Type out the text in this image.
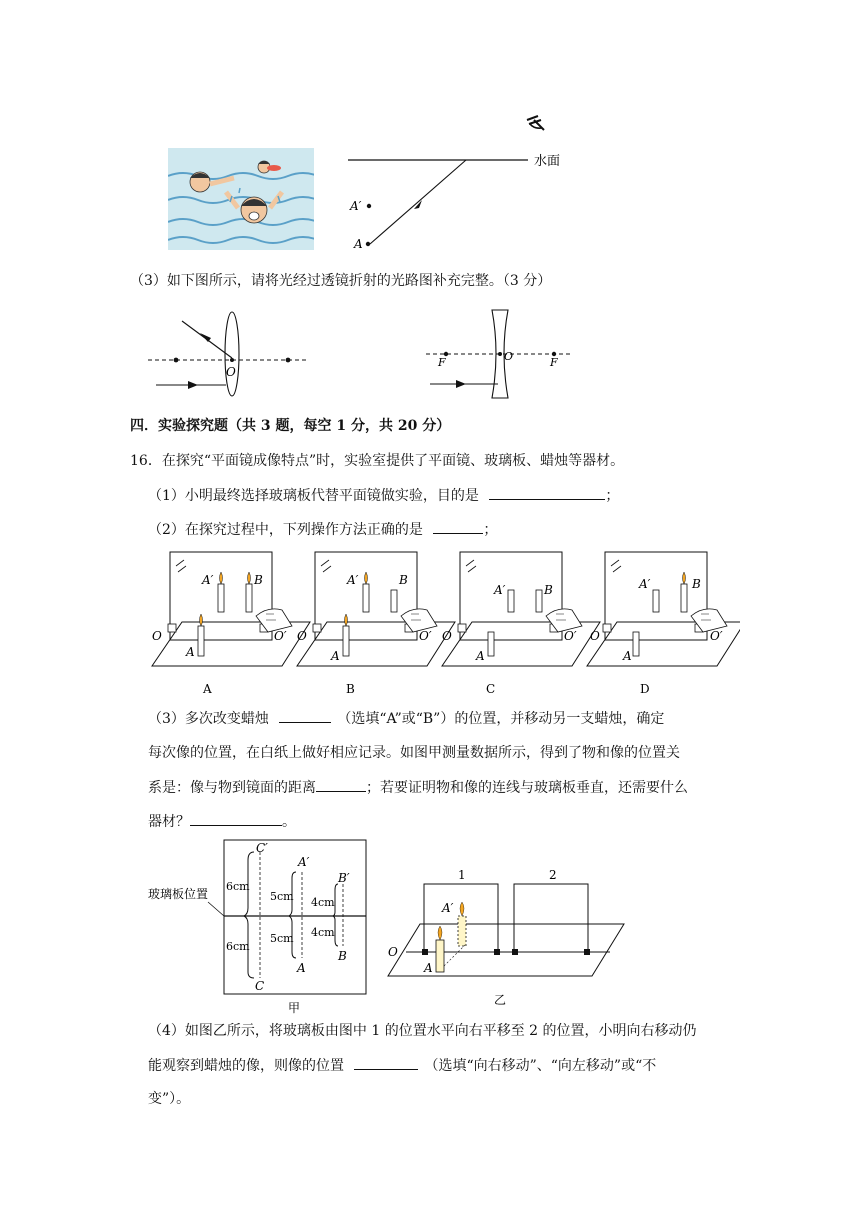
水面
A′
A
（3）如下图所示，请将光经过透镜折射的光路图补充完整。（3 分）
O
O
F	F
四．实验探究题（共 3 题，每空 1 分，共 20 分）
16．在探究“平面镜成像特点”时，实验室提供了平面镜、玻璃板、蜡烛等器材。
（1）小明最终选择玻璃板代替平面镜做实验，目的是	；
（2）在探究过程中，下列操作方法正确的是	；
A′	B
A
O	O′
A′	B
A
O	O′
A′	B
A
O	O′
A′	B
A
O	O′
A	B	C	D
（3）多次改变蜡烛	（选填“A”或“B”）的位置，并移动另一支蜡烛，确定
每次像的位置，在白纸上做好相应记录。如图甲测量数据所示，得到了物和像的位置关
系是：像与物到镜面的距离	；若要证明物和像的连线与玻璃板垂直，还需要什么
器材？	。
C′
A′
B′
C
A
B
6cm
5cm 4cm
6cm
5cm 4cm
玻璃板位置
甲
1	2
A′
A
O
乙
（4）如图乙所示，将玻璃板由图中 1 的位置水平向右平移至 2 的位置，小明向右移动仍
能观察到蜡烛的像，则像的位置	（选填“向右移动”、“向左移动”或“不
变”）。
